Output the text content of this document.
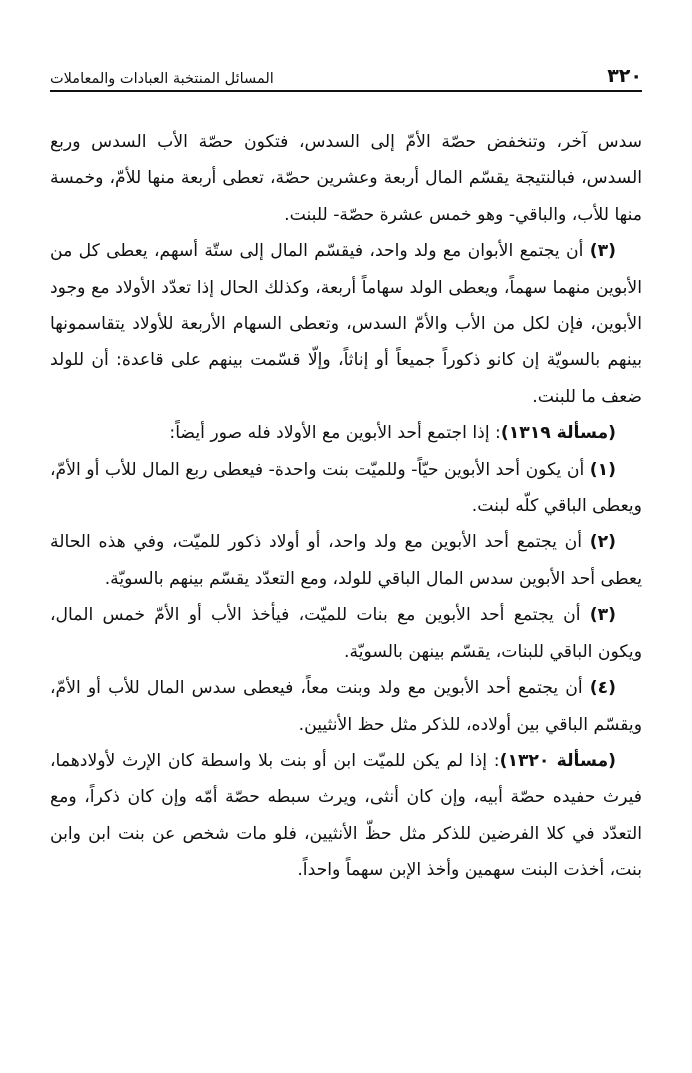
٣٢٠
المسائل المنتخبة العبادات والمعاملات

سدس آخر، وتنخفض حصّة الأمّ إلى السدس، فتكون حصّة الأب السدس وربع السدس، فبالنتيجة يقسّم المال أربعة وعشرين حصّة، تعطى أربعة منها للأمّ، وخمسة منها للأب، والباقي- وهو خمس عشرة حصّة- للبنت.

(٣) أن يجتمع الأبوان مع ولد واحد، فيقسّم المال إلى ستّة أسهم، يعطى كل من الأبوين منهما سهماً، ويعطى الولد سهاماً أربعة، وكذلك الحال إذا تعدّد الأولاد مع وجود الأبوين، فإن لكل من الأب والأمّ السدس، وتعطى السهام الأربعة للأولاد يتقاسمونها بينهم بالسويّة إن كانو ذكوراً جميعاً أو إناثاً، وإلّا قسّمت بينهم على قاعدة: أن للولد ضعف ما للبنت.

(مسألة ١٣١٩): إذا اجتمع أحد الأبوين مع الأولاد فله صور أيضاً:

(١) أن يكون أحد الأبوين حيّاً- وللميّت بنت واحدة- فيعطى ربع المال للأب أو الأمّ، ويعطى الباقي كلّه لبنت.

(٢) أن يجتمع أحد الأبوين مع ولد واحد، أو أولاد ذكور للميّت، وفي هذه الحالة يعطى أحد الأبوين سدس المال الباقي للولد، ومع التعدّد يقسّم بينهم بالسويّة.

(٣) أن يجتمع أحد الأبوين مع بنات للميّت، فيأخذ الأب أو الأمّ خمس المال، ويكون الباقي للبنات، يقسّم بينهن بالسويّة.

(٤) أن يجتمع أحد الأبوين مع ولد وبنت معاً، فيعطى سدس المال للأب أو الأمّ، ويقسّم الباقي بين أولاده، للذكر مثل حظ الأنثيين.

(مسألة ١٣٢٠): إذا لم يكن للميّت ابن أو بنت بلا واسطة كان الإرث لأولادهما، فيرث حفيده حصّة أبيه، وإن كان أنثى، ويرث سبطه حصّة أمّه وإن كان ذكراً، ومع التعدّد في كلا الفرضين للذكر مثل حظّ الأنثيين، فلو مات شخص عن بنت ابن وابن بنت، أخذت البنت سهمين وأخذ الإبن سهماً واحداً.
